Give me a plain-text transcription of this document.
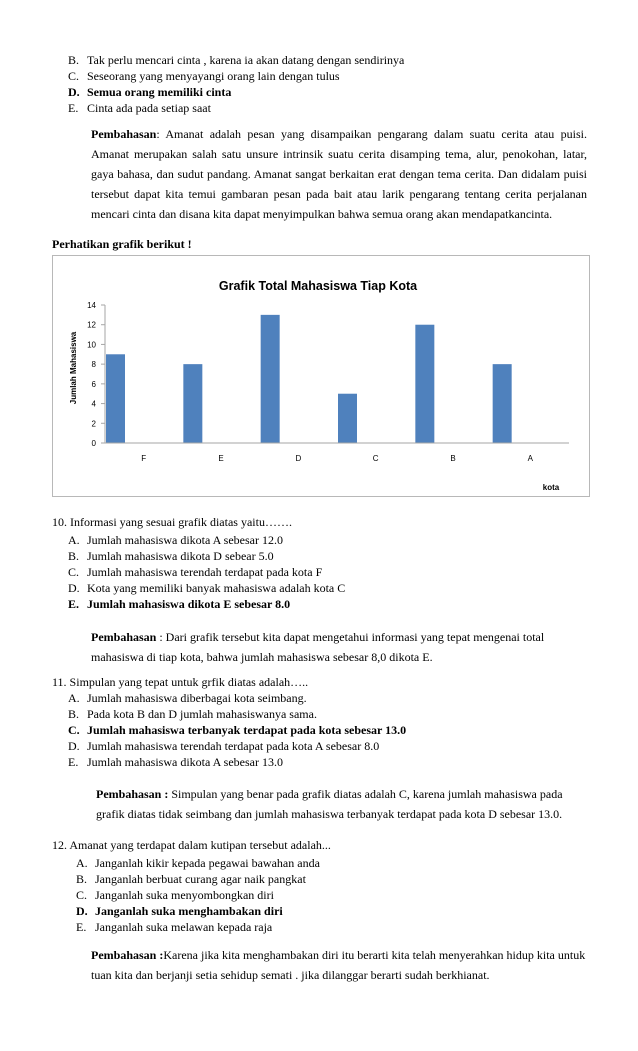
B. Tak perlu mencari cinta , karena ia akan datang dengan sendirinya
C. Seseorang yang menyayangi orang lain dengan tulus
D. Semua orang memiliki cinta
E. Cinta ada pada setiap saat
Pembahasan: Amanat adalah pesan yang disampaikan pengarang dalam suatu cerita atau puisi. Amanat merupakan salah satu unsure intrinsik suatu cerita disamping tema, alur, penokohan, latar, gaya bahasa, dan sudut pandang. Amanat sangat berkaitan erat dengan tema cerita. Dan didalam puisi tersebut dapat kita temui gambaran pesan pada bait atau larik pengarang tentang cerita perjalanan mencari cinta dan disana kita dapat menyimpulkan bahwa semua orang akan mendapatkancinta.
Perhatikan grafik berikut !
Grafik Total Mahasiswa Tiap Kota
Jumlah Mahasiswa
kota
0
2
4
6
8
10
12
14
F	E	D	C	B	A
10. Informasi yang sesuai grafik diatas yaitu…….
A. Jumlah mahasiswa dikota A sebesar 12.0
B. Jumlah mahasiswa dikota D sebear 5.0
C. Jumlah mahasiswa terendah terdapat pada kota F
D. Kota yang memiliki banyak mahasiswa adalah kota C
E. Jumlah mahasiswa dikota E sebesar 8.0
Pembahasan : Dari grafik tersebut kita dapat mengetahui informasi yang tepat mengenai total mahasiswa di tiap kota, bahwa jumlah mahasiswa sebesar 8,0 dikota E.
11. Simpulan yang tepat untuk grfik diatas adalah…..
A. Jumlah mahasiswa diberbagai kota seimbang.
B. Pada kota B dan D jumlah mahasiswanya sama.
C. Jumlah mahasiswa terbanyak terdapat pada kota sebesar 13.0
D. Jumlah mahasiswa terendah terdapat pada kota A sebesar 8.0
E. Jumlah mahasiswa dikota A sebesar 13.0
Pembahasan : Simpulan yang benar pada grafik diatas adalah C, karena jumlah mahasiswa pada grafik diatas tidak seimbang dan jumlah mahasiswa terbanyak terdapat pada kota D sebesar 13.0.
12. Amanat yang terdapat dalam kutipan tersebut adalah...
A. Janganlah kikir kepada pegawai bawahan anda
B. Janganlah berbuat curang agar naik pangkat
C. Janganlah suka menyombongkan diri
D. Janganlah suka menghambakan diri
E. Janganlah suka melawan kepada raja
Pembahasan :Karena jika kita menghambakan diri itu berarti kita telah menyerahkan hidup kita untuk tuan kita dan berjanji setia sehidup semati . jika dilanggar berarti sudah berkhianat.
